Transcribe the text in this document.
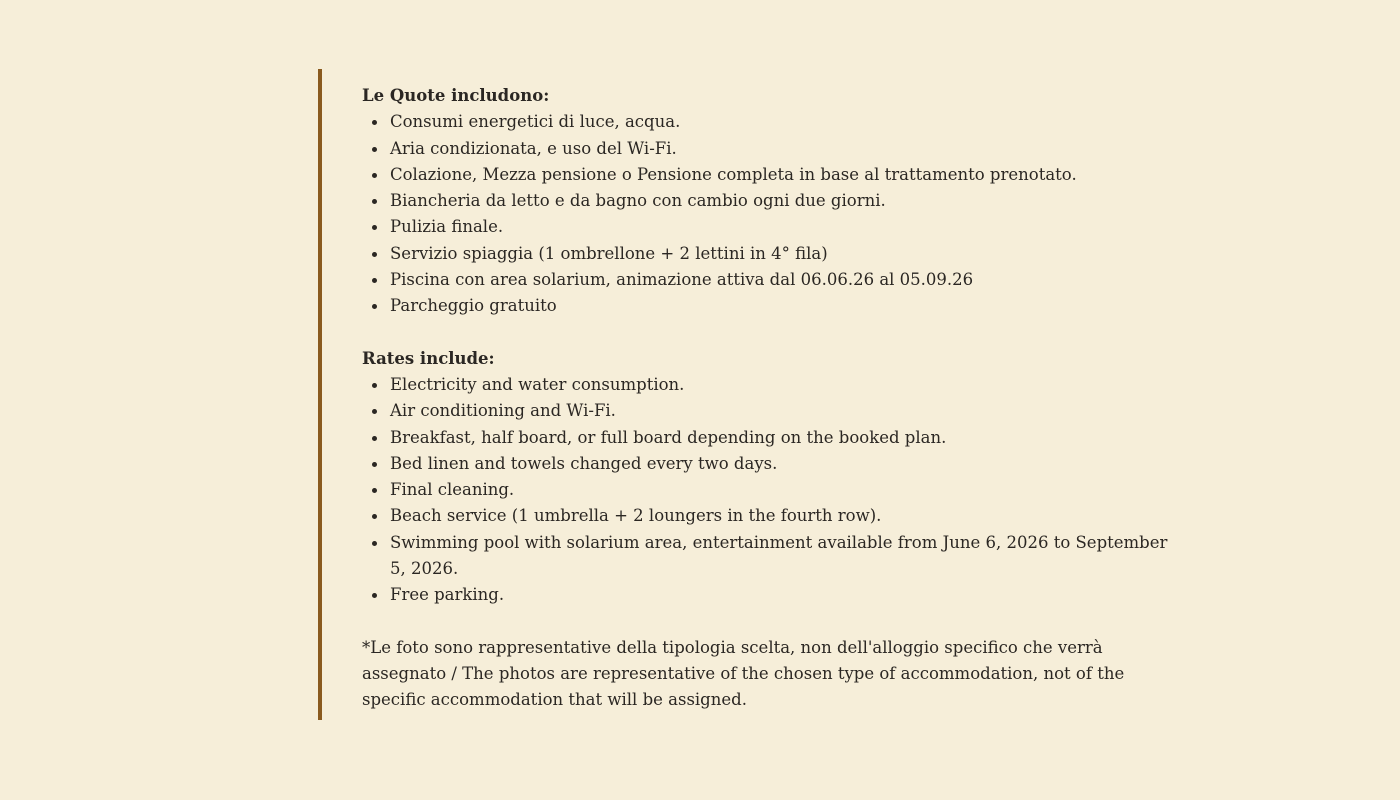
Le Quote includono:

Consumi energetici di luce, acqua.
Aria condizionata, e uso del Wi-Fi.
Colazione, Mezza pensione o Pensione completa in base al trattamento prenotato.
Biancheria da letto e da bagno con cambio ogni due giorni.
Pulizia finale.
Servizio spiaggia (1 ombrellone + 2 lettini in 4° fila)
Piscina con area solarium, animazione attiva dal 06.06.26 al 05.09.26
Parcheggio gratuito

Rates include:

Electricity and water consumption.
Air conditioning and Wi-Fi.
Breakfast, half board, or full board depending on the booked plan.
Bed linen and towels changed every two days.
Final cleaning.
Beach service (1 umbrella + 2 loungers in the fourth row).
Swimming pool with solarium area, entertainment available from June 6, 2026 to September 5, 2026.
Free parking.

*Le foto sono rappresentative della tipologia scelta, non dell'alloggio specifico che verrà assegnato / The photos are representative of the chosen type of accommodation, not of the specific accommodation that will be assigned.
